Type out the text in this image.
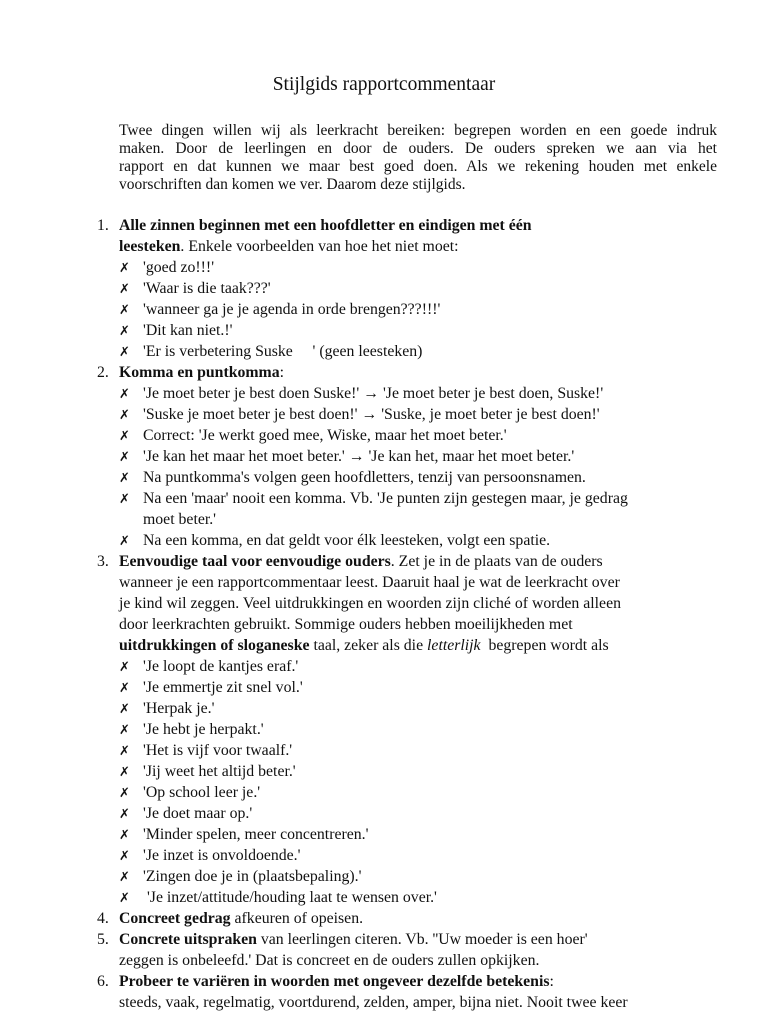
Stijlgids rapportcommentaar
Twee dingen willen wij als leerkracht bereiken: begrepen worden en een goede indruk
maken. Door de leerlingen en door de ouders. De ouders spreken we aan via het
rapport en dat kunnen we maar best goed doen. Als we rekening houden met enkele
voorschriften dan komen we ver. Daarom deze stijlgids.
1. Alle zinnen beginnen met een hoofdletter en eindigen met één
leesteken. Enkele voorbeelden van hoe het niet moet:
✗ 'goed zo!!!'
✗ 'Waar is die taak???'
✗ 'wanneer ga je je agenda in orde brengen???!!!'
✗ 'Dit kan niet.!'
✗ 'Er is verbetering Suske     ' (geen leesteken)
2. Komma en puntkomma:
✗ 'Je moet beter je best doen Suske!' → 'Je moet beter je best doen, Suske!'
✗ 'Suske je moet beter je best doen!' → 'Suske, je moet beter je best doen!'
✗ Correct: 'Je werkt goed mee, Wiske, maar het moet beter.'
✗ 'Je kan het maar het moet beter.' → 'Je kan het, maar het moet beter.'
✗ Na puntkomma's volgen geen hoofdletters, tenzij van persoonsnamen.
✗ Na een 'maar' nooit een komma. Vb. 'Je punten zijn gestegen maar, je gedrag
moet beter.'
✗ Na een komma, en dat geldt voor élk leesteken, volgt een spatie.
3. Eenvoudige taal voor eenvoudige ouders. Zet je in de plaats van de ouders
wanneer je een rapportcommentaar leest. Daaruit haal je wat de leerkracht over
je kind wil zeggen. Veel uitdrukkingen en woorden zijn cliché of worden alleen
door leerkrachten gebruikt. Sommige ouders hebben moeilijkheden met
uitdrukkingen of sloganeske taal, zeker als die letterlijk  begrepen wordt als
✗ 'Je loopt de kantjes eraf.'
✗ 'Je emmertje zit snel vol.'
✗ 'Herpak je.'
✗ 'Je hebt je herpakt.'
✗ 'Het is vijf voor twaalf.'
✗ 'Jij weet het altijd beter.'
✗ 'Op school leer je.'
✗ 'Je doet maar op.'
✗ 'Minder spelen, meer concentreren.'
✗ 'Je inzet is onvoldoende.'
✗ 'Zingen doe je in (plaatsbepaling).'
✗ 'Je inzet/attitude/houding laat te wensen over.'
4. Concreet gedrag afkeuren of opeisen.
5. Concrete uitspraken van leerlingen citeren. Vb. ''Uw moeder is een hoer'
zeggen is onbeleefd.' Dat is concreet en de ouders zullen opkijken.
6. Probeer te variëren in woorden met ongeveer dezelfde betekenis:
steeds, vaak, regelmatig, voortdurend, zelden, amper, bijna niet. Nooit twee keer
